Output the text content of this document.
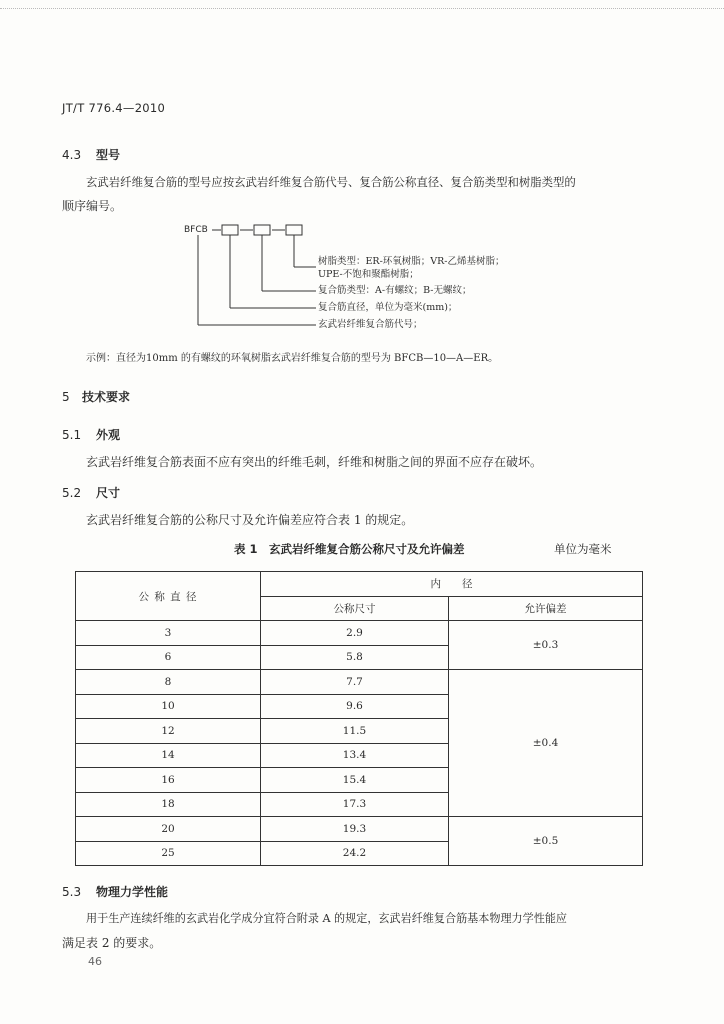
JT/T 776.4—2010
4.3 型号
玄武岩纤维复合筋的型号应按玄武岩纤维复合筋代号、复合筋公称直径、复合筋类型和树脂类型的
顺序编号。
BFCB
树脂类型：ER-环氧树脂；VR-乙烯基树脂；
UPE-不饱和聚酯树脂；
复合筋类型：A-有螺纹；B-无螺纹；
复合筋直径，单位为毫米(mm)；
玄武岩纤维复合筋代号；
示例：直径为10mm 的有螺纹的环氧树脂玄武岩纤维复合筋的型号为 BFCB—10—A—ER。
5 技术要求
5.1 外观
玄武岩纤维复合筋表面不应有突出的纤维毛刺，纤维和树脂之间的界面不应存在破坏。
5.2 尺寸
玄武岩纤维复合筋的公称尺寸及允许偏差应符合表 1 的规定。
表 1　玄武岩纤维复合筋公称尺寸及允许偏差	单位为毫米
公 称 直 径	内　　径	
	公称尺寸	允许偏差
3	2.9	±0.3
6	5.8	
8	7.7	±0.4
10	9.6	
12	11.5	
14	13.4	
16	15.4	
18	17.3	
20	19.3	±0.5
25	24.2	
5.3 物理力学性能
用于生产连续纤维的玄武岩化学成分宜符合附录 A 的规定，玄武岩纤维复合筋基本物理力学性能应
满足表 2 的要求。
46
